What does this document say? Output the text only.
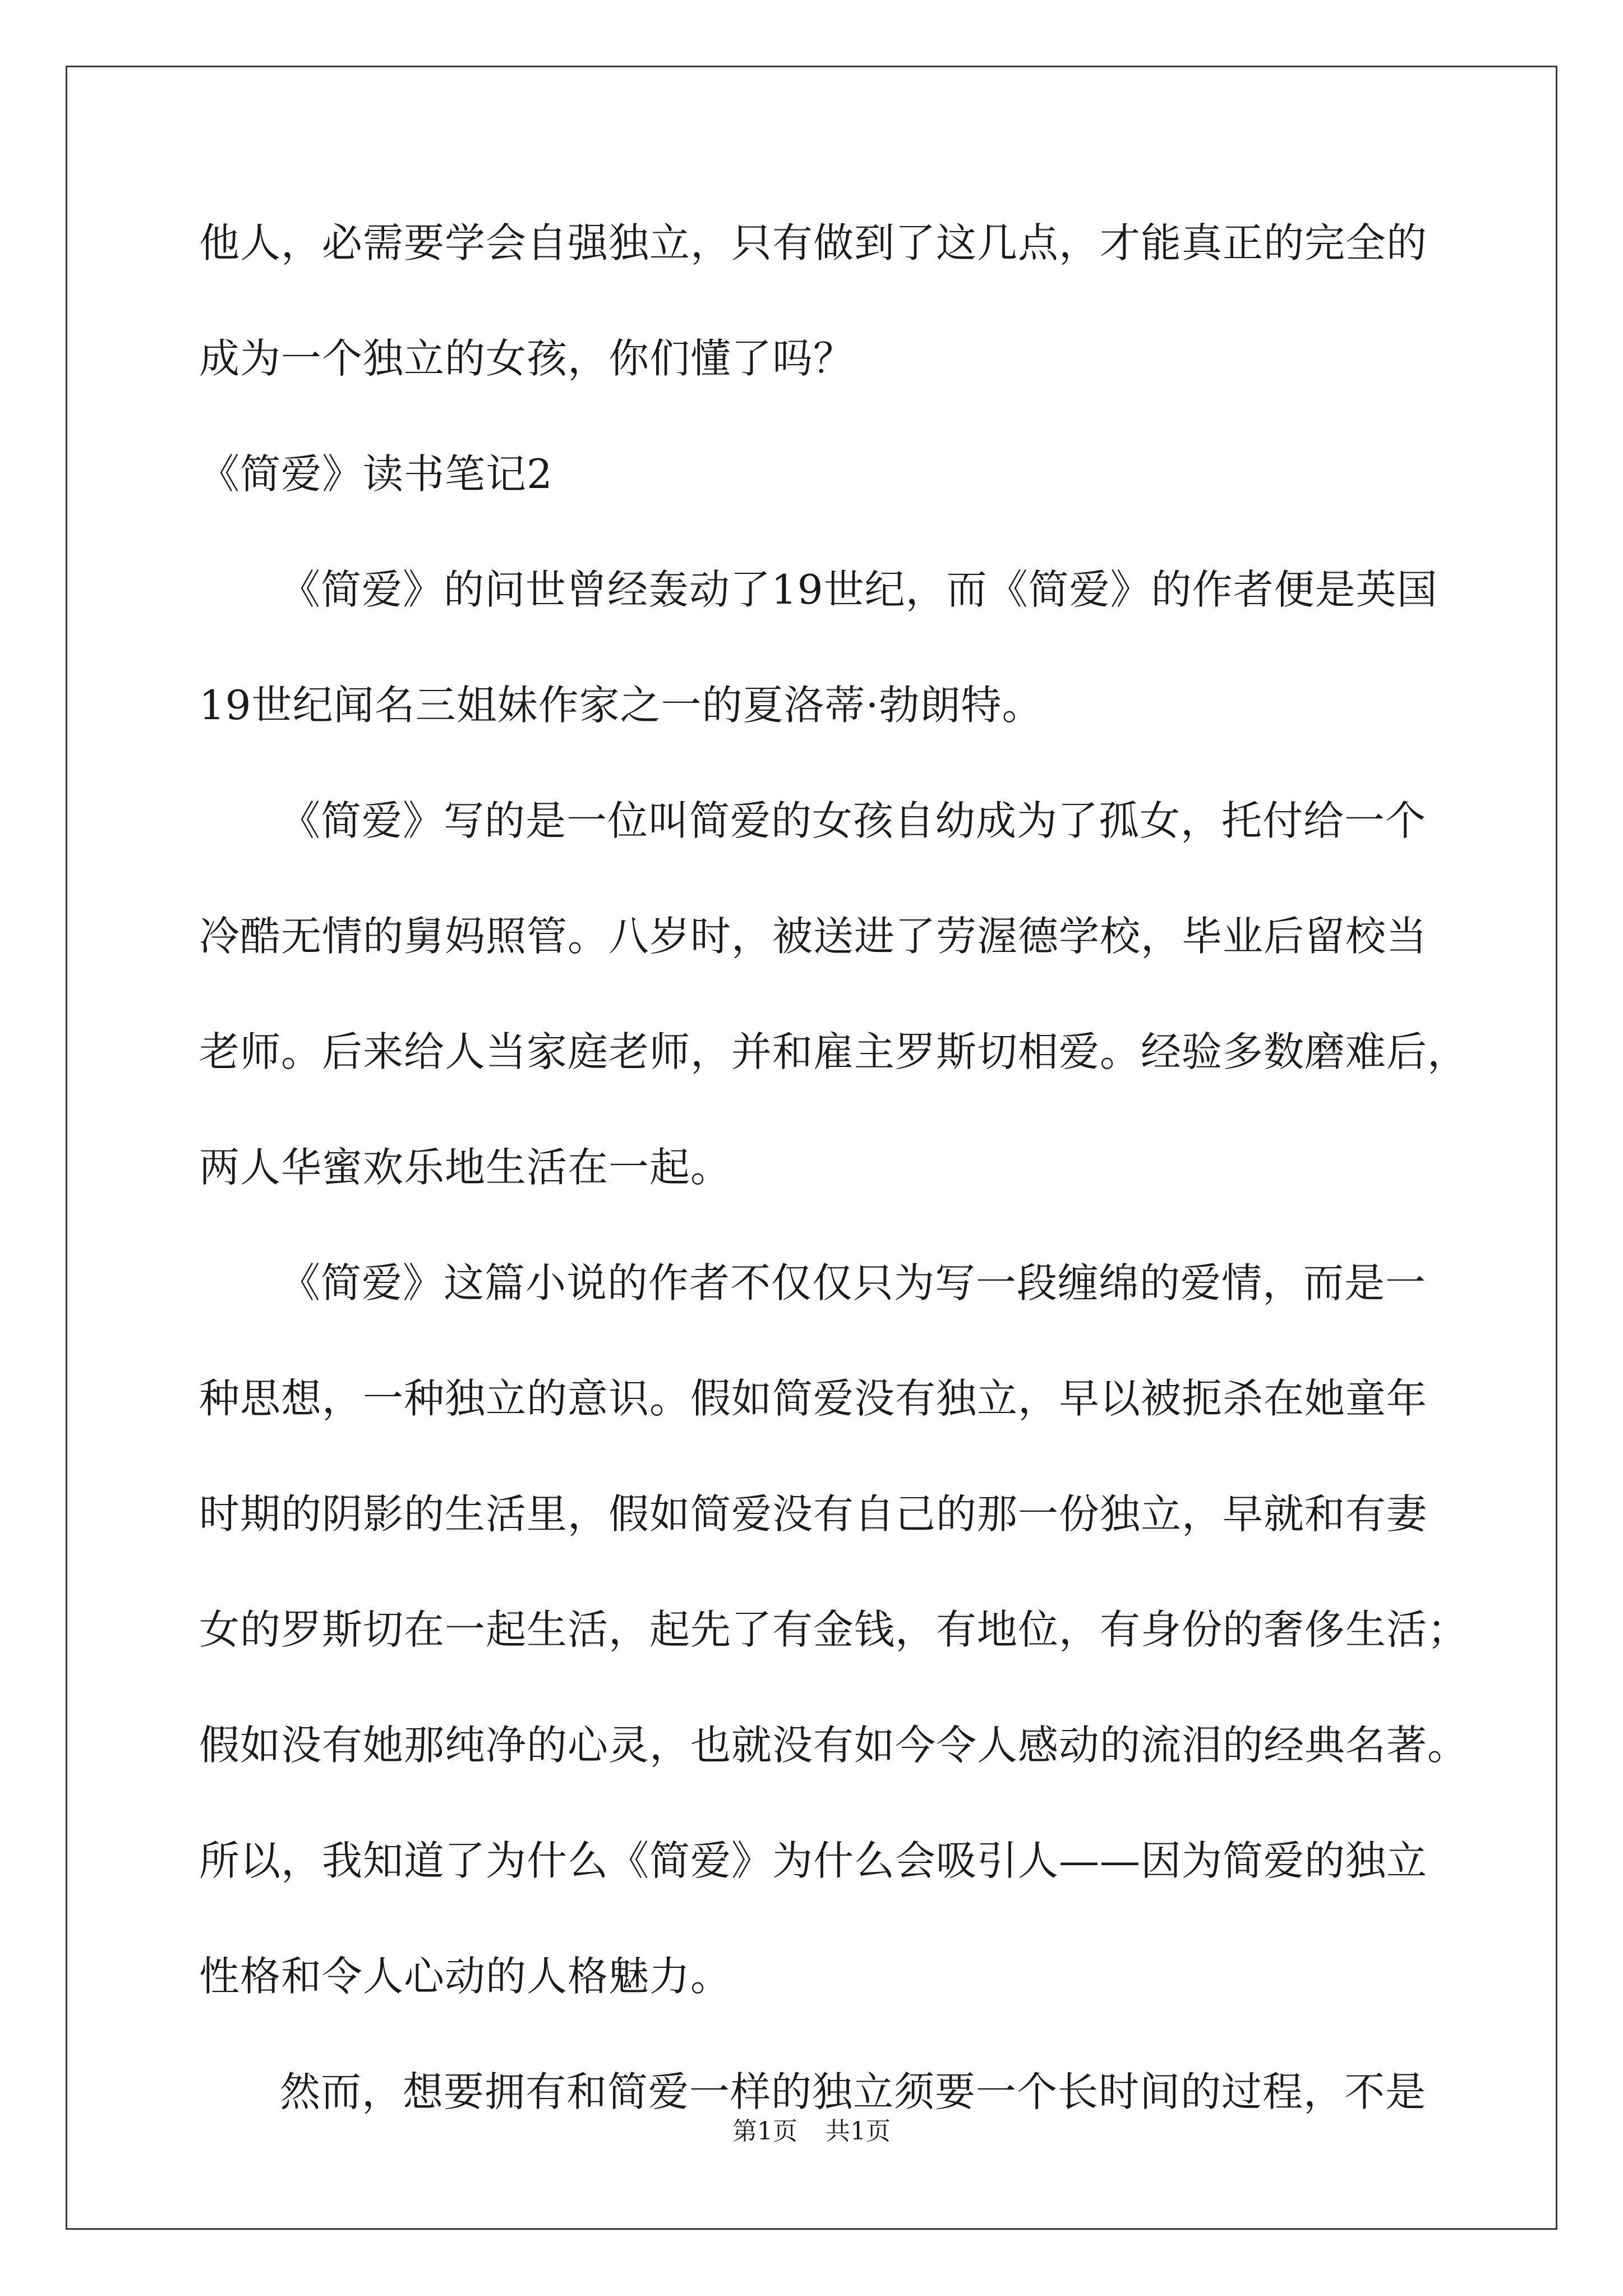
他人，必需要学会自强独立，只有做到了这几点，才能真正的完全的
成为一个独立的女孩，你们懂了吗？
《简爱》读书笔记2
《简爱》的问世曾经轰动了19世纪，而《简爱》的作者便是英国
19世纪闻名三姐妹作家之一的夏洛蒂·勃朗特。
《简爱》写的是一位叫简爱的女孩自幼成为了孤女，托付给一个
冷酷无情的舅妈照管。八岁时，被送进了劳渥德学校，毕业后留校当
老师。后来给人当家庭老师，并和雇主罗斯切相爱。经验多数磨难后，
两人华蜜欢乐地生活在一起。
《简爱》这篇小说的作者不仅仅只为写一段缠绵的爱情，而是一
种思想，一种独立的意识。假如简爱没有独立，早以被扼杀在她童年
时期的阴影的生活里，假如简爱没有自己的那一份独立，早就和有妻
女的罗斯切在一起生活，起先了有金钱，有地位，有身份的奢侈生活；
假如没有她那纯净的心灵，也就没有如今令人感动的流泪的经典名著。
所以，我知道了为什么《简爱》为什么会吸引人——因为简爱的独立
性格和令人心动的人格魅力。
然而，想要拥有和简爱一样的独立须要一个长时间的过程，不是
第1页 共1页
